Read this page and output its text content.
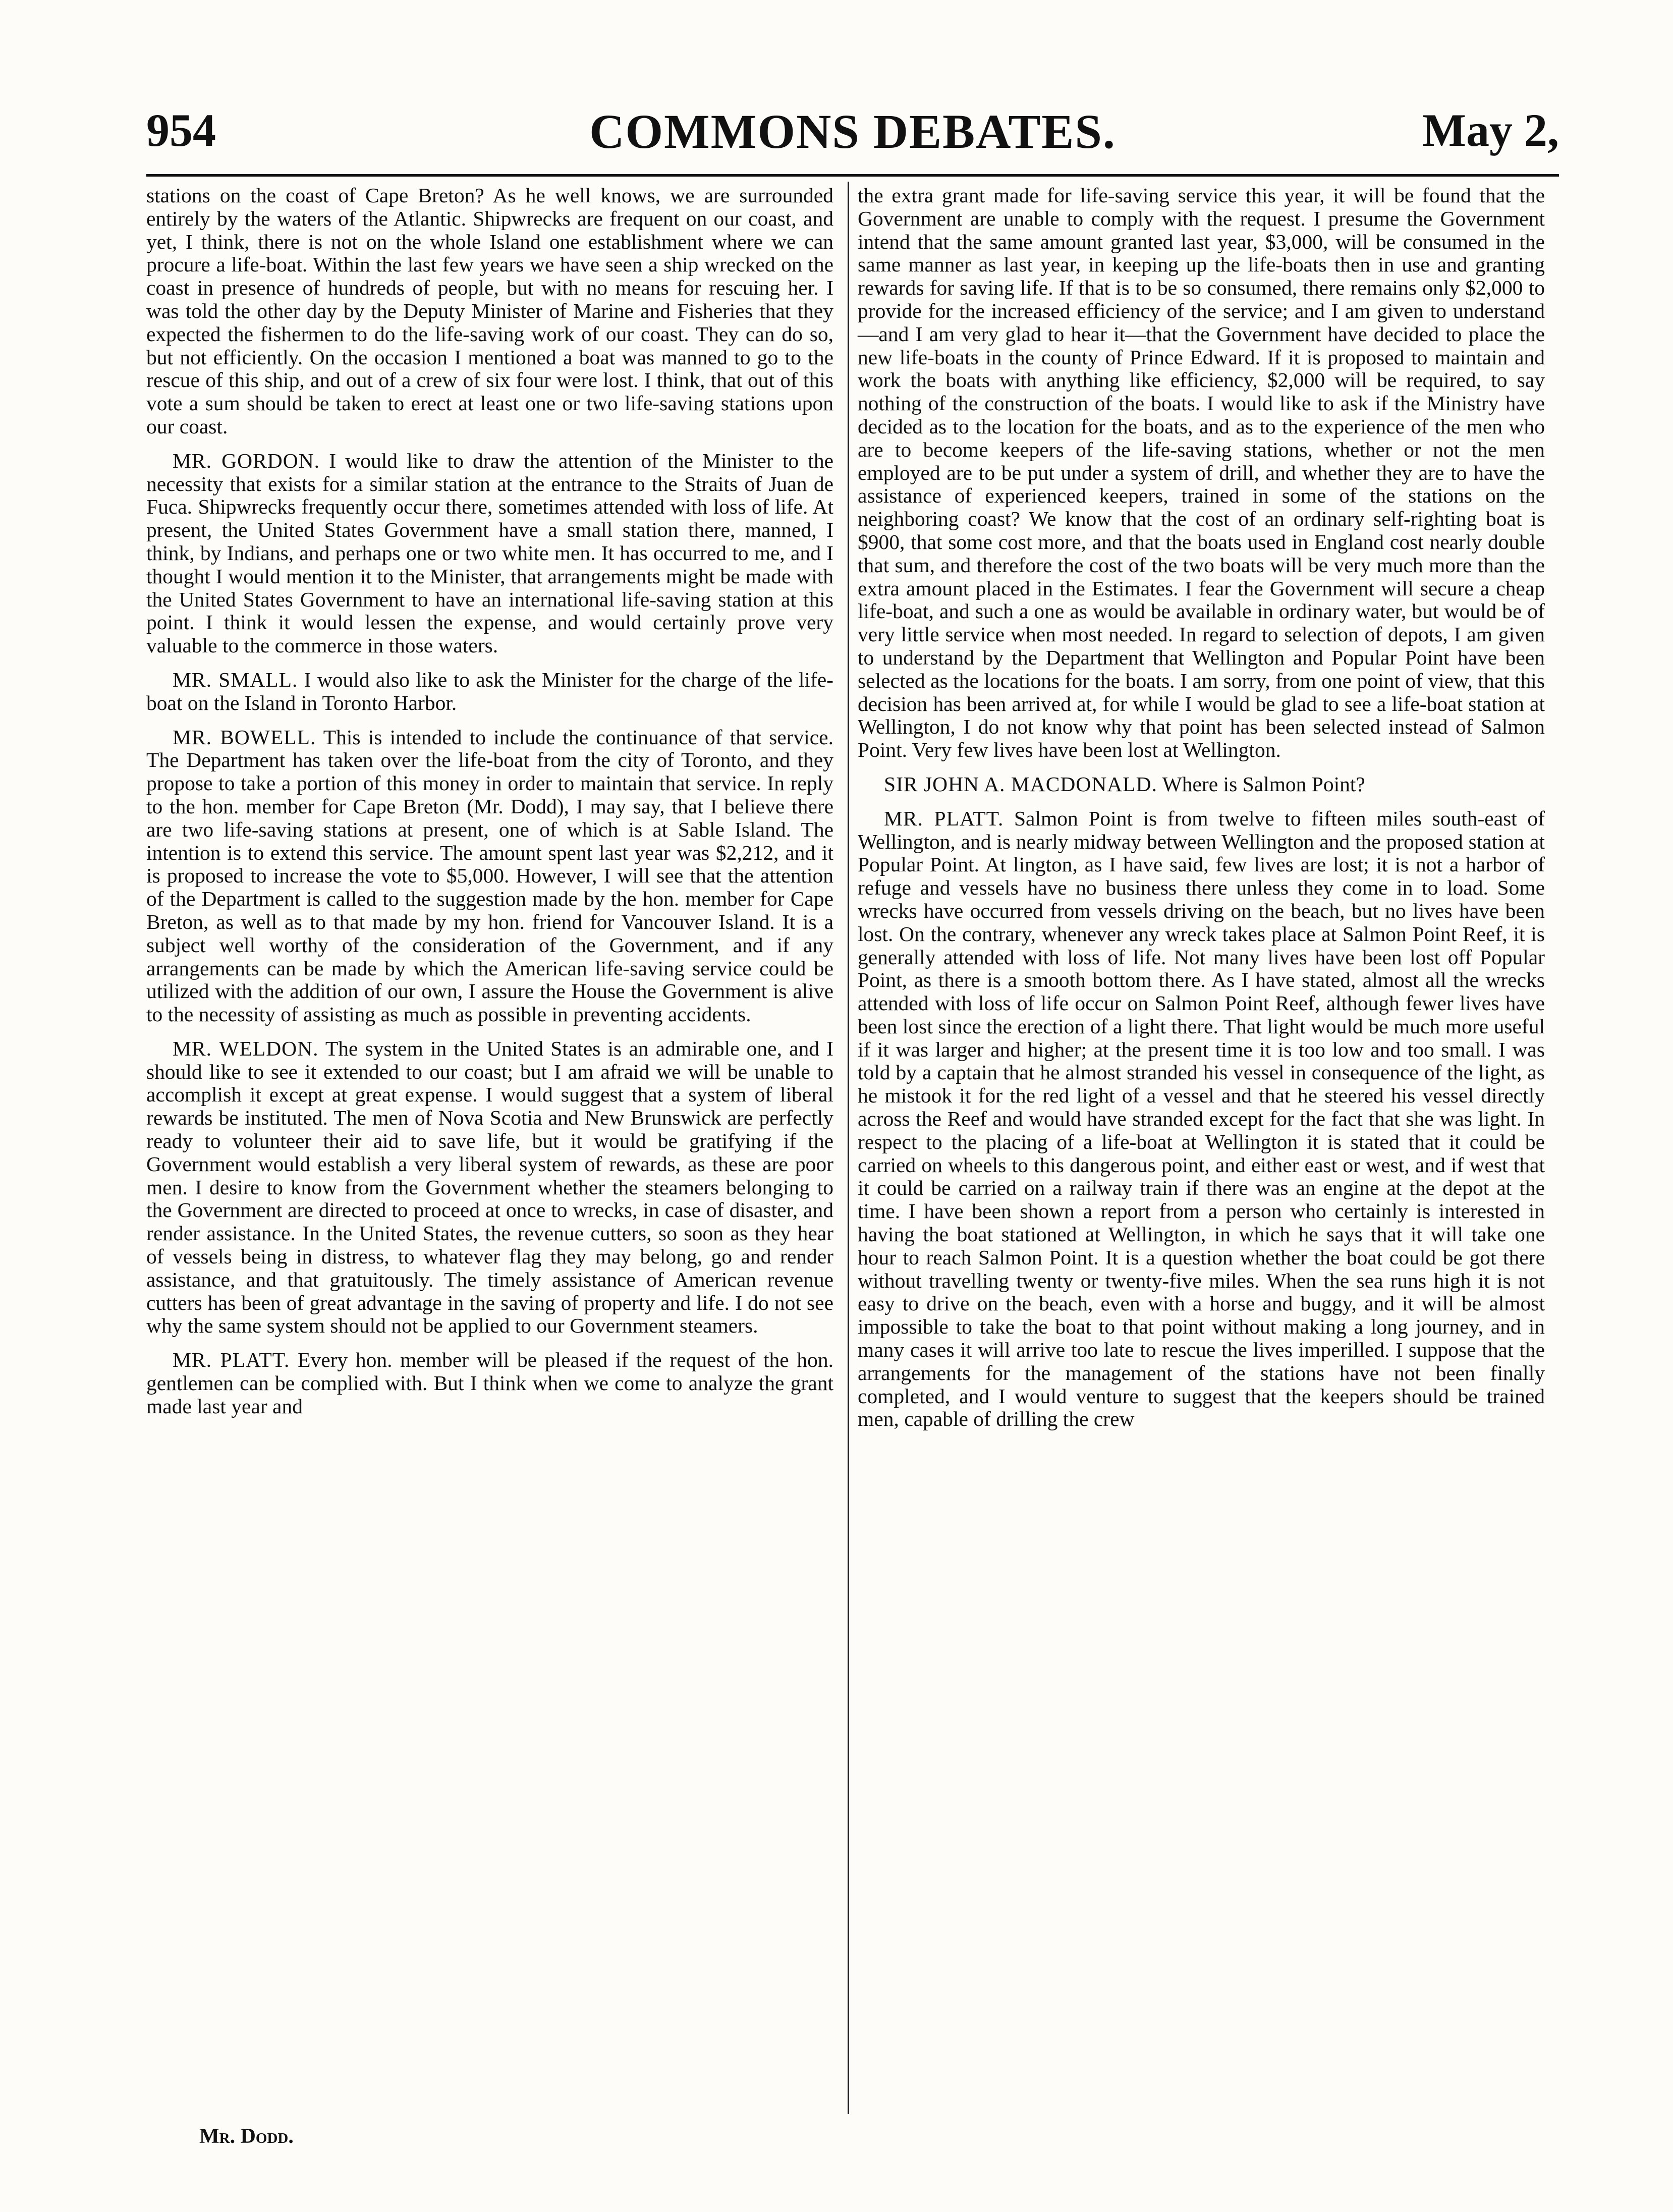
954	COMMONS DEBATES.	May 2,

stations on the coast of Cape Breton? As he well knows, we are surrounded entirely by the waters of the Atlantic. Shipwrecks are frequent on our coast, and yet, I think, there is not on the whole Island one establishment where we can procure a life-boat. Within the last few years we have seen a ship wrecked on the coast in presence of hundreds of people, but with no means for rescuing her. I was told the other day by the Deputy Minister of Marine and Fisheries that they expected the fishermen to do the life-saving work of our coast. They can do so, but not efficiently. On the occasion I mentioned a boat was manned to go to the rescue of this ship, and out of a crew of six four were lost. I think, that out of this vote a sum should be taken to erect at least one or two life-saving stations upon our coast.

MR. GORDON. I would like to draw the attention of the Minister to the necessity that exists for a similar station at the entrance to the Straits of Juan de Fuca. Shipwrecks frequently occur there, sometimes attended with loss of life. At present, the United States Government have a small station there, manned, I think, by Indians, and perhaps one or two white men. It has occurred to me, and I thought I would mention it to the Minister, that arrangements might be made with the United States Government to have an international life-saving station at this point. I think it would lessen the expense, and would certainly prove very valuable to the commerce in those waters.

MR. SMALL. I would also like to ask the Minister for the charge of the life-boat on the Island in Toronto Harbor.

MR. BOWELL. This is intended to include the continuance of that service. The Department has taken over the life-boat from the city of Toronto, and they propose to take a portion of this money in order to maintain that service. In reply to the hon. member for Cape Breton (Mr. Dodd), I may say, that I believe there are two life-saving stations at present, one of which is at Sable Island. The intention is to extend this service. The amount spent last year was $2,212, and it is proposed to increase the vote to $5,000. However, I will see that the attention of the Department is called to the suggestion made by the hon. member for Cape Breton, as well as to that made by my hon. friend for Vancouver Island. It is a subject well worthy of the consideration of the Government, and if any arrangements can be made by which the American life-saving service could be utilized with the addition of our own, I assure the House the Government is alive to the necessity of assisting as much as possible in preventing accidents.

MR. WELDON. The system in the United States is an admirable one, and I should like to see it extended to our coast; but I am afraid we will be unable to accomplish it except at great expense. I would suggest that a system of liberal rewards be instituted. The men of Nova Scotia and New Brunswick are perfectly ready to volunteer their aid to save life, but it would be gratifying if the Government would establish a very liberal system of rewards, as these are poor men. I desire to know from the Government whether the steamers belonging to the Government are directed to proceed at once to wrecks, in case of disaster, and render assistance. In the United States, the revenue cutters, so soon as they hear of vessels being in distress, to whatever flag they may belong, go and render assistance, and that gratuitously. The timely assistance of American revenue cutters has been of great advantage in the saving of property and life. I do not see why the same system should not be applied to our Government steamers.

MR. PLATT. Every hon. member will be pleased if the request of the hon. gentlemen can be complied with. But I think when we come to analyze the grant made last year and

the extra grant made for life-saving service this year, it will be found that the Government are unable to comply with the request. I presume the Government intend that the same amount granted last year, $3,000, will be consumed in the same manner as last year, in keeping up the life-boats then in use and granting rewards for saving life. If that is to be so consumed, there remains only $2,000 to provide for the increased efficiency of the service; and I am given to understand—and I am very glad to hear it—that the Government have decided to place the new life-boats in the county of Prince Edward. If it is proposed to maintain and work the boats with anything like efficiency, $2,000 will be required, to say nothing of the construction of the boats. I would like to ask if the Ministry have decided as to the location for the boats, and as to the experience of the men who are to become keepers of the life-saving stations, whether or not the men employed are to be put under a system of drill, and whether they are to have the assistance of experienced keepers, trained in some of the stations on the neighboring coast? We know that the cost of an ordinary self-righting boat is $900, that some cost more, and that the boats used in England cost nearly double that sum, and therefore the cost of the two boats will be very much more than the extra amount placed in the Estimates. I fear the Government will secure a cheap life-boat, and such a one as would be available in ordinary water, but would be of very little service when most needed. In regard to selection of depots, I am given to understand by the Department that Wellington and Popular Point have been selected as the locations for the boats. I am sorry, from one point of view, that this decision has been arrived at, for while I would be glad to see a life-boat station at Wellington, I do not know why that point has been selected instead of Salmon Point. Very few lives have been lost at Wellington.

SIR JOHN A. MACDONALD. Where is Salmon Point?

MR. PLATT. Salmon Point is from twelve to fifteen miles south-east of Wellington, and is nearly midway between Wellington and the proposed station at Popular Point. At lington, as I have said, few lives are lost; it is not a harbor of refuge and vessels have no business there unless they come in to load. Some wrecks have occurred from vessels driving on the beach, but no lives have been lost. On the contrary, whenever any wreck takes place at Salmon Point Reef, it is generally attended with loss of life. Not many lives have been lost off Popular Point, as there is a smooth bottom there. As I have stated, almost all the wrecks attended with loss of life occur on Salmon Point Reef, although fewer lives have been lost since the erection of a light there. That light would be much more useful if it was larger and higher; at the present time it is too low and too small. I was told by a captain that he almost stranded his vessel in consequence of the light, as he mistook it for the red light of a vessel and that he steered his vessel directly across the Reef and would have stranded except for the fact that she was light. In respect to the placing of a life-boat at Wellington it is stated that it could be carried on wheels to this dangerous point, and either east or west, and if west that it could be carried on a railway train if there was an engine at the depot at the time. I have been shown a report from a person who certainly is interested in having the boat stationed at Wellington, in which he says that it will take one hour to reach Salmon Point. It is a question whether the boat could be got there without travelling twenty or twenty-five miles. When the sea runs high it is not easy to drive on the beach, even with a horse and buggy, and it will be almost impossible to take the boat to that point without making a long journey, and in many cases it will arrive too late to rescue the lives imperilled. I suppose that the arrangements for the management of the stations have not been finally completed, and I would venture to suggest that the keepers should be trained men, capable of drilling the crew

Mr. Dodd.
